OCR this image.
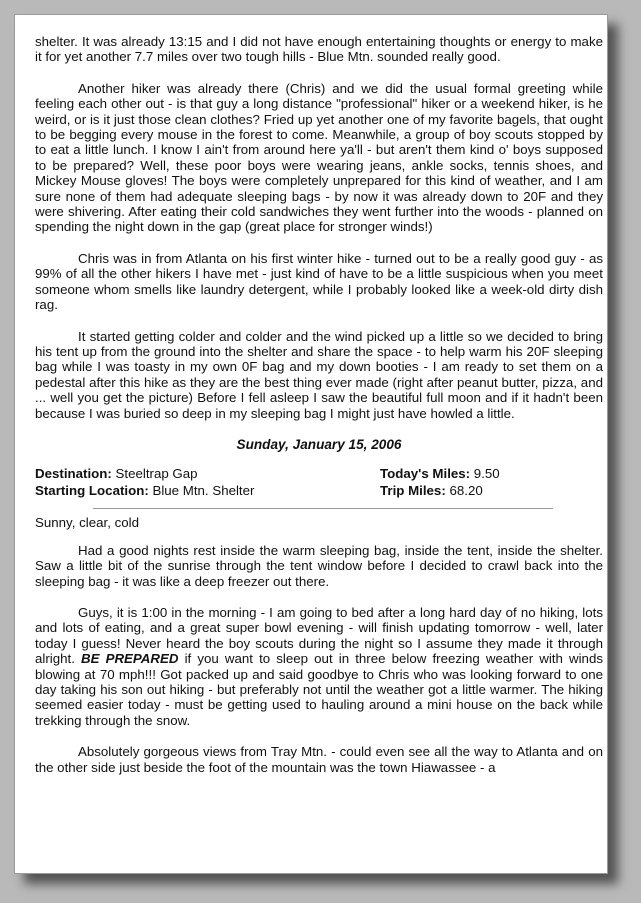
shelter. It was already 13:15 and I did not have enough entertaining thoughts or energy to make it for yet another 7.7 miles over two tough hills - Blue Mtn. sounded really good.

Another hiker was already there (Chris) and we did the usual formal greeting while feeling each other out - is that guy a long distance "professional" hiker or a weekend hiker, is he weird, or is it just those clean clothes? Fried up yet another one of my favorite bagels, that ought to be begging every mouse in the forest to come. Meanwhile, a group of boy scouts stopped by to eat a little lunch. I know I ain't from around here ya'll - but aren't them kind o' boys supposed to be prepared? Well, these poor boys were wearing jeans, ankle socks, tennis shoes, and Mickey Mouse gloves! The boys were completely unprepared for this kind of weather, and I am sure none of them had adequate sleeping bags - by now it was already down to 20F and they were shivering. After eating their cold sandwiches they went further into the woods - planned on spending the night down in the gap (great place for stronger winds!)

Chris was in from Atlanta on his first winter hike - turned out to be a really good guy - as 99% of all the other hikers I have met - just kind of have to be a little suspicious when you meet someone whom smells like laundry detergent, while I probably looked like a week-old dirty dish rag.

It started getting colder and colder and the wind picked up a little so we decided to bring his tent up from the ground into the shelter and share the space - to help warm his 20F sleeping bag while I was toasty in my own 0F bag and my down booties - I am ready to set them on a pedestal after this hike as they are the best thing ever made (right after peanut butter, pizza, and ... well you get the picture) Before I fell asleep I saw the beautiful full moon and if it hadn't been because I was buried so deep in my sleeping bag I might just have howled a little.

Sunday, January 15, 2006
Destination: Steeltrap Gap	Today's Miles: 9.50
Starting Location: Blue Mtn. Shelter	Trip Miles: 68.20
Sunny, clear, cold

Had a good nights rest inside the warm sleeping bag, inside the tent, inside the shelter. Saw a little bit of the sunrise through the tent window before I decided to crawl back into the sleeping bag - it was like a deep freezer out there.

Guys, it is 1:00 in the morning - I am going to bed after a long hard day of no hiking, lots and lots of eating, and a great super bowl evening - will finish updating tomorrow - well, later today I guess! Never heard the boy scouts during the night so I assume they made it through alright. BE PREPARED if you want to sleep out in three below freezing weather with winds blowing at 70 mph!!! Got packed up and said goodbye to Chris who was looking forward to one day taking his son out hiking - but preferably not until the weather got a little warmer. The hiking seemed easier today - must be getting used to hauling around a mini house on the back while trekking through the snow.

Absolutely gorgeous views from Tray Mtn. - could even see all the way to Atlanta and on the other side just beside the foot of the mountain was the town Hiawassee - a
